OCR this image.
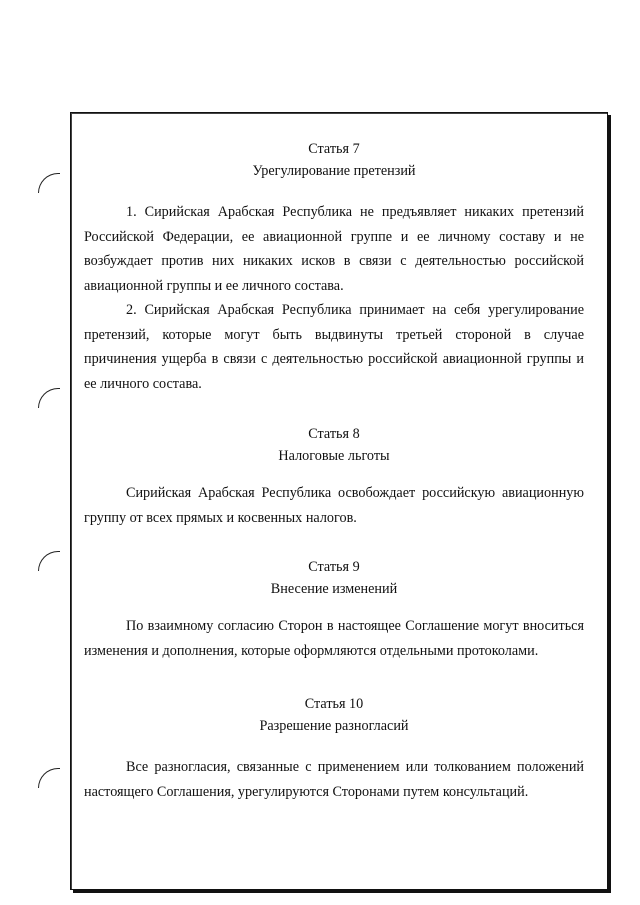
Статья 7
Урегулирование претензий

1. Сирийская Арабская Республика не предъявляет никаких претензий Российской Федерации, ее авиационной группе и ее личному составу и не возбуждает против них никаких исков в связи с деятельностью российской авиационной группы и ее личного состава.

2. Сирийская Арабская Республика принимает на себя урегулирование претензий, которые могут быть выдвинуты третьей стороной в случае причинения ущерба в связи с деятельностью российской авиационной группы и ее личного состава.

Статья 8
Налоговые льготы

Сирийская Арабская Республика освобождает российскую авиационную группу от всех прямых и косвенных налогов.

Статья 9
Внесение изменений

По взаимному согласию Сторон в настоящее Соглашение могут вноситься изменения и дополнения, которые оформляются отдельными протоколами.

Статья 10
Разрешение разногласий

Все разногласия, связанные с применением или толкованием положений настоящего Соглашения, урегулируются Сторонами путем консультаций.
